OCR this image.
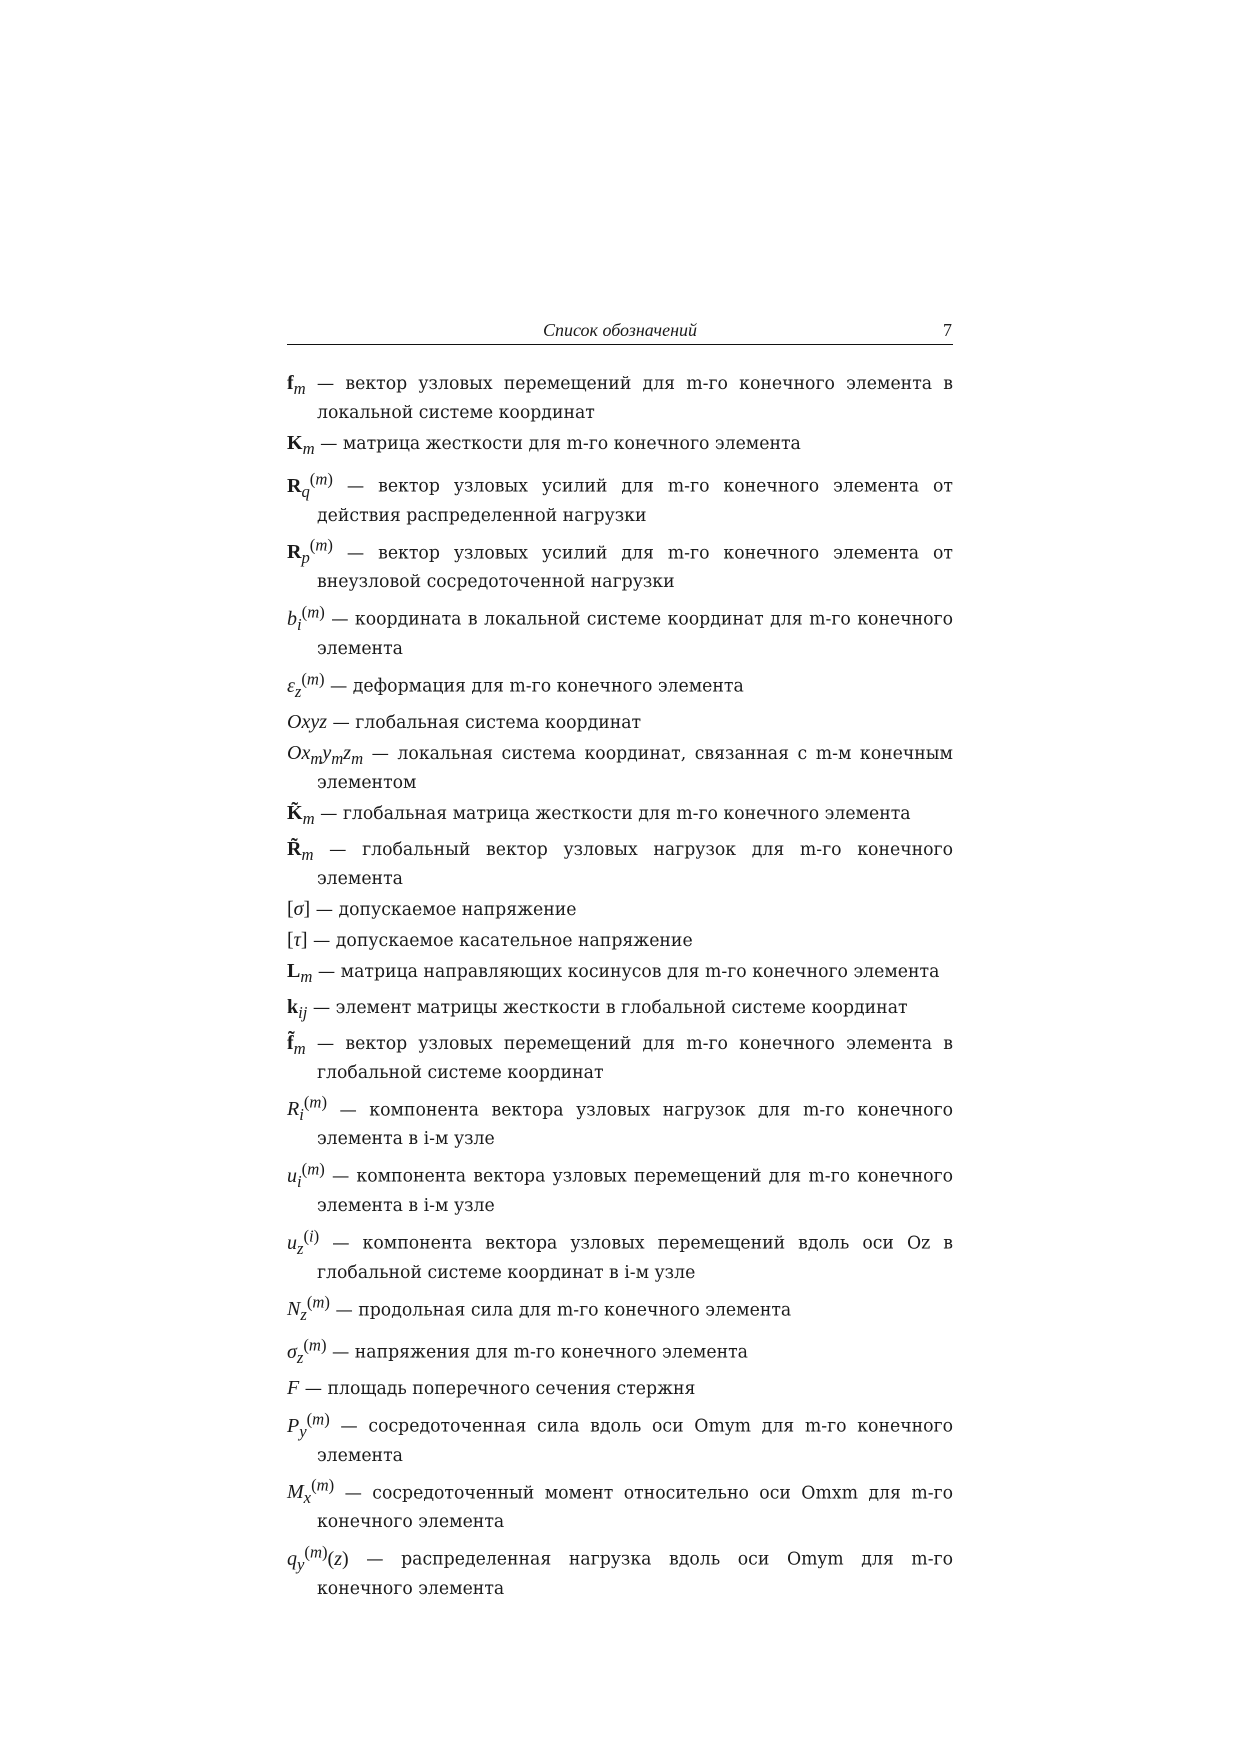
Список обозначений	7
$f_m$ — вектор узловых перемещений для m-го конечного элемента в локальной системе координат
$K_m$ — матрица жесткости для m-го конечного элемента
$R_q^{(m)}$ — вектор узловых усилий для m-го конечного элемента от действия распределенной нагрузки
$R_p^{(m)}$ — вектор узловых усилий для m-го конечного элемента от внеузловой сосредоточенной нагрузки
$b_i^{(m)}$ — координата в локальной системе координат для m-го конечного элемента
$\varepsilon_z^{(m)}$ — деформация для m-го конечного элемента
Oxyz — глобальная система координат
$Ox_my_mz_m$ — локальная система координат, связанная с m-м конечным элементом
$K̃_m$ — глобальная матрица жесткости для m-го конечного элемента
$R̃_m$ — глобальный вектор узловых нагрузок для m-го конечного элемента
[σ] — допускаемое напряжение
[τ] — допускаемое касательное напряжение
$L_m$ — матрица направляющих косинусов для m-го конечного элемента
$k_{ij}$ — элемент матрицы жесткости в глобальной системе координат
$f̃_m$ — вектор узловых перемещений для m-го конечного элемента в глобальной системе координат
$R_i^{(m)}$ — компонента вектора узловых нагрузок для m-го конечного элемента в i-м узле
$u_i^{(m)}$ — компонента вектора узловых перемещений для m-го конечного элемента в i-м узле
$u_z^{(i)}$ — компонента вектора узловых перемещений вдоль оси Oz в глобальной системе координат в i-м узле
$N_z^{(m)}$ — продольная сила для m-го конечного элемента
$\sigma_z^{(m)}$ — напряжения для m-го конечного элемента
F — площадь поперечного сечения стержня
$P_y^{(m)}$ — сосредоточенная сила вдоль оси Omym для m-го конечного элемента
$M_x^{(m)}$ — сосредоточенный момент относительно оси Omxm для m-го конечного элемента
$q_y^{(m)}(z)$ — распределенная нагрузка вдоль оси Omym для m-го конечного элемента
